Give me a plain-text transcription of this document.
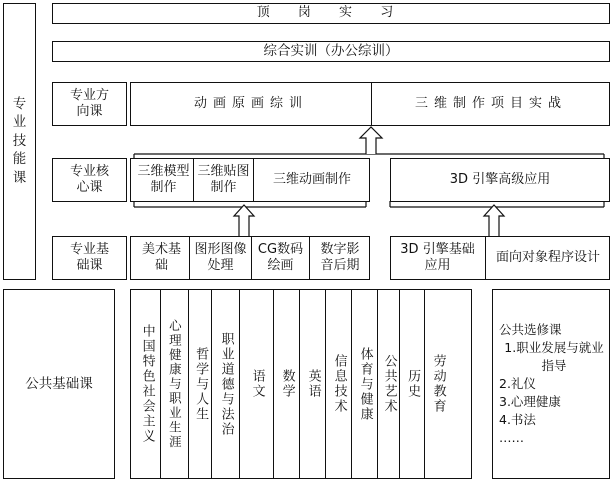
顶 岗 实 习
综合实训（办公综训）
专
业
技
能
课
专业方向课
动画原画综训	三维制作项目实战
专业核心课
三维模型制作
三维贴图制作
三维动画制作	3D 引擎高级应用
专业基础课
美术基础
图形图像处理
CG数码绘画
数字影音后期
3D 引擎基础应用
面向对象程序设计
公共基础课	中国特色社会主义	心理健康与职业生涯 哲学与人生 职业道德与法治	语文	数学 英语 信息技术 体育与健康 公共艺术 历史 劳动教育
公共选修课
1.职业发展与就业指导
2.礼仪
3.心理健康
4.书法
……
